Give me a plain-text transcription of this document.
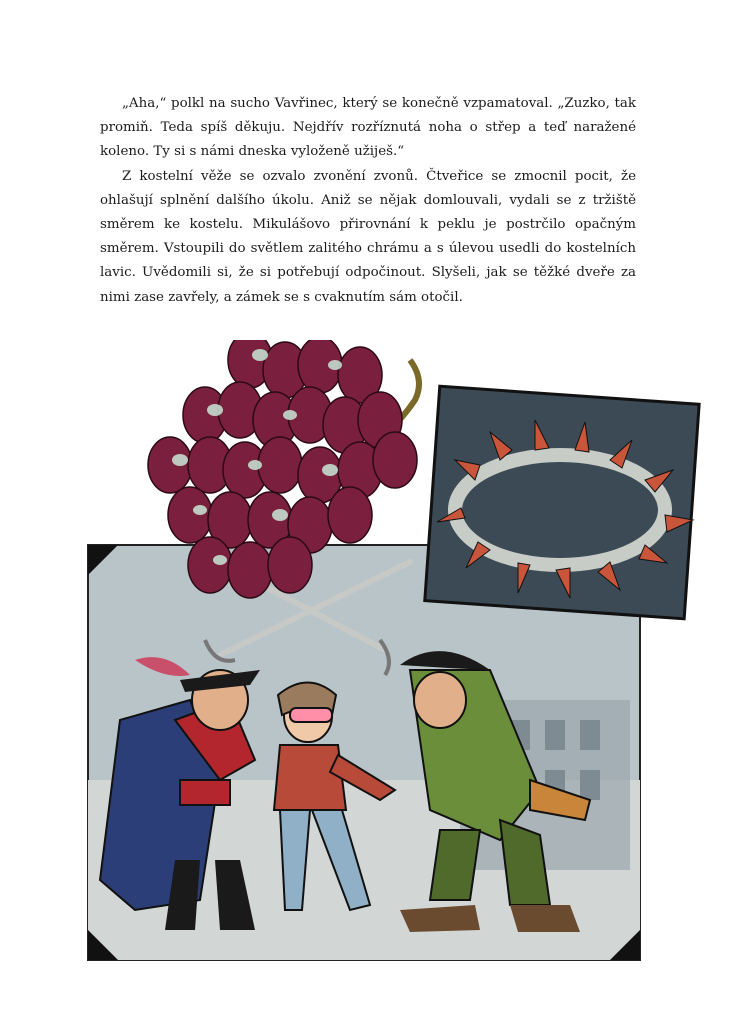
„Aha,“ polkl na sucho Vavřinec, který se konečně vzpamatoval. „Zuzko, tak promiň. Teda spíš děkuju. Nejdřív rozříznutá noha o střep a teď naražené koleno. Ty si s námi dneska vyloženě užiješ.“

Z kostelní věže se ozvalo zvonění zvonů. Čtveřice se zmocnil pocit, že ohlašují splnění dalšího úkolu. Aniž se nějak domlouvali, vydali se z tržiště směrem ke kostelu. Mikulášovo přirovnání k peklu je postrčilo opačným směrem. Vstoupili do světlem zalitého chrámu a s úlevou usedli do kostelních lavic. Uvědomili si, že si potřebují odpočinout. Slyšeli, jak se těžké dveře za nimi zase zavřely, a zámek se s cvaknutím sám otočil.
